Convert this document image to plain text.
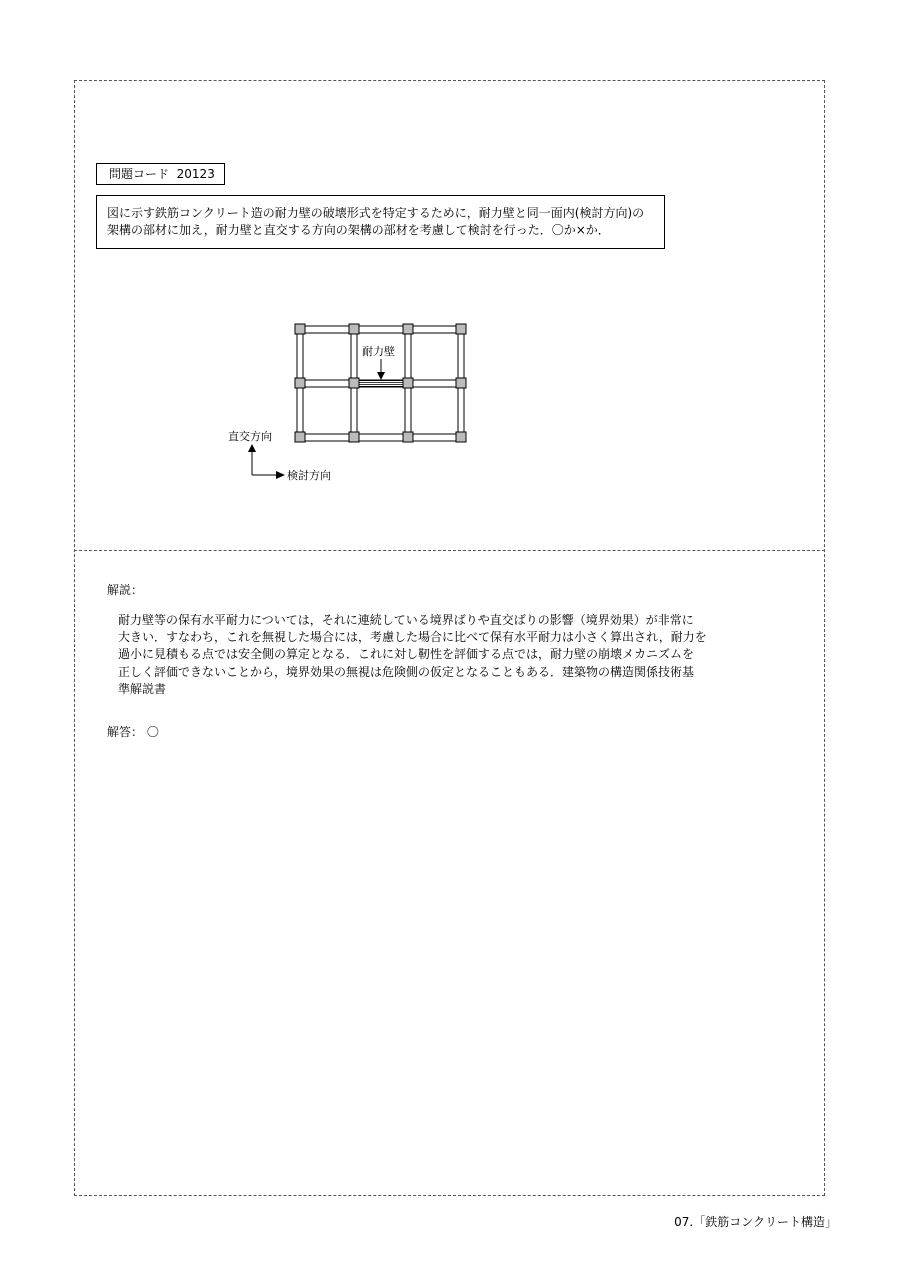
問題コード 20123
図に示す鉄筋コンクリート造の耐力壁の破壊形式を特定するために，耐力壁と同一面内(検討方向)の
架構の部材に加え，耐力壁と直交する方向の架構の部材を考慮して検討を行った．〇か×か．
耐力壁
直交方向
検討方向
解説：
耐力壁等の保有水平耐力については，それに連続している境界ばりや直交ばりの影響（境界効果）が非常に
大きい．すなわち，これを無視した場合には，考慮した場合に比べて保有水平耐力は小さく算出され，耐力を
過小に見積もる点では安全側の算定となる．これに対し靭性を評価する点では，耐力壁の崩壊メカニズムを
正しく評価できないことから，境界効果の無視は危険側の仮定となることもある．建築物の構造関係技術基
準解説書
解答： 〇
07.「鉄筋コンクリート構造」
